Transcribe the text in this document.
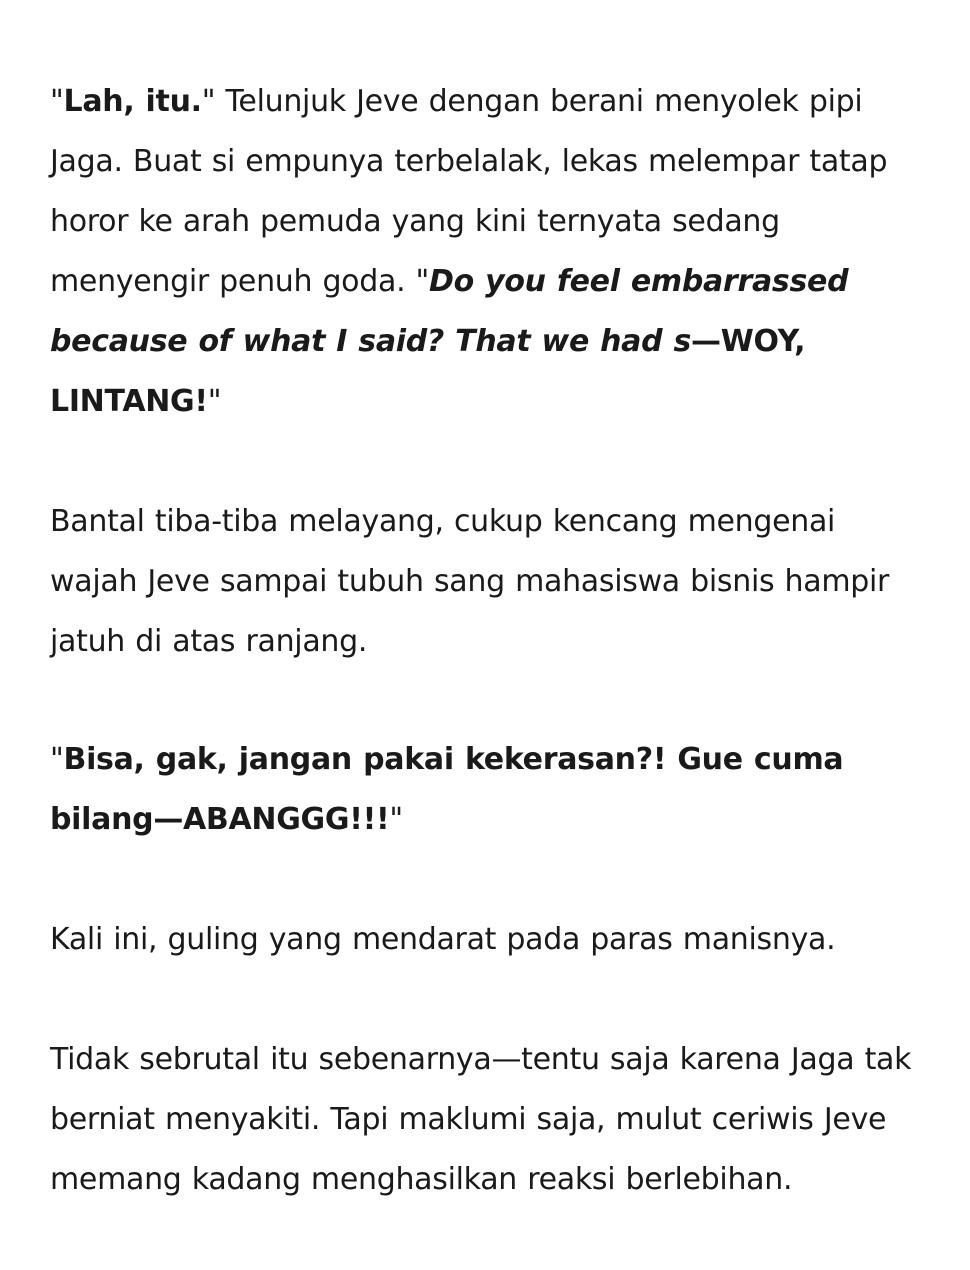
"Lah, itu." Telunjuk Jeve dengan berani menyolek pipi Jaga. Buat si empunya terbelalak, lekas melempar tatap horor ke arah pemuda yang kini ternyata sedang menyengir penuh goda. "Do you feel embarrassed because of what I said? That we had s—WOY, LINTANG!"

Bantal tiba-tiba melayang, cukup kencang mengenai wajah Jeve sampai tubuh sang mahasiswa bisnis hampir jatuh di atas ranjang.

"Bisa, gak, jangan pakai kekerasan?! Gue cuma bilang—ABANGGG!!!"

Kali ini, guling yang mendarat pada paras manisnya.

Tidak sebrutal itu sebenarnya—tentu saja karena Jaga tak berniat menyakiti. Tapi maklumi saja, mulut ceriwis Jeve memang kadang menghasilkan reaksi berlebihan.
